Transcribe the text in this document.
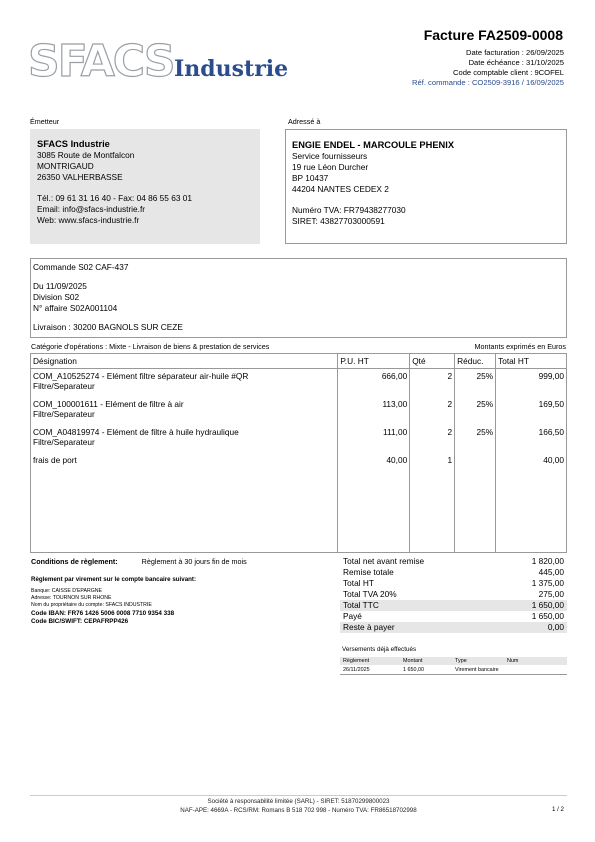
SFACS Industrie
Facture FA2509-0008
Date facturation : 26/09/2025
Date échéance : 31/10/2025
Code comptable client : 9COFEL
Réf. commande : CO2509-3916 / 16/09/2025
Émetteur	Adressé à
SFACS Industrie
3085 Route de Montfalcon
MONTRIGAUD
26350 VALHERBASSE
Tél.: 09 61 31 16 40 - Fax: 04 86 55 63 01
Email: info@sfacs-industrie.fr
Web: www.sfacs-industrie.fr
ENGIE ENDEL - MARCOULE PHENIX
Service fournisseurs
19 rue Léon Durcher
BP 10437
44204 NANTES CEDEX 2
Numéro TVA: FR79438277030
SIRET: 43827703000591
Commande S02 CAF-437
Du 11/09/2025
Division S02
N° affaire S02A001104
Livraison : 30200 BAGNOLS SUR CEZE
Catégorie d'opérations : Mixte - Livraison de biens & prestation de services	Montants exprimés en Euros
Désignation	P.U. HT	Qté	Réduc.	Total HT

COM_A10525274 - Elément filtre séparateur air-huile #QR
Filtre/Separateur	666,00	2	25%	999,00

COM_100001611 - Elément de filtre à air
Filtre/Separateur	113,00	2	25%	169,50

COM_A04819974 - Elément de filtre à huile hydraulique
Filtre/Separateur	111,00	2	25%	166,50

frais de port	40,00	1		40,00
Conditions de règlement:	Règlement à 30 jours fin de mois
Règlement par virement sur le compte bancaire suivant:
Banque: CAISSE D'EPARGNE
Adresse: TOURNON SUR RHONE
Nom du propriétaire du compte: SFACS INDUSTRIE
Code IBAN: FR76 1426 5006 0008 7710 9354 338
Code BIC/SWIFT: CEPAFRPP426
Total net avant remise	1 820,00
Remise totale	445,00
Total HT	1 375,00
Total TVA 20%	275,00
Total TTC	1 650,00
Payé	1 650,00
Reste à payer	0,00
Versements déjà effectués
Règlement	Montant	Type	Num
26/11/2025	1 650,00	Virement bancaire	
Société à responsabilité limitée (SARL) - SIRET: 51870299800023
NAF-APE: 4669A - RCS/RM: Romans B 518 702 998 - Numéro TVA: FR86518702998	1 / 2
